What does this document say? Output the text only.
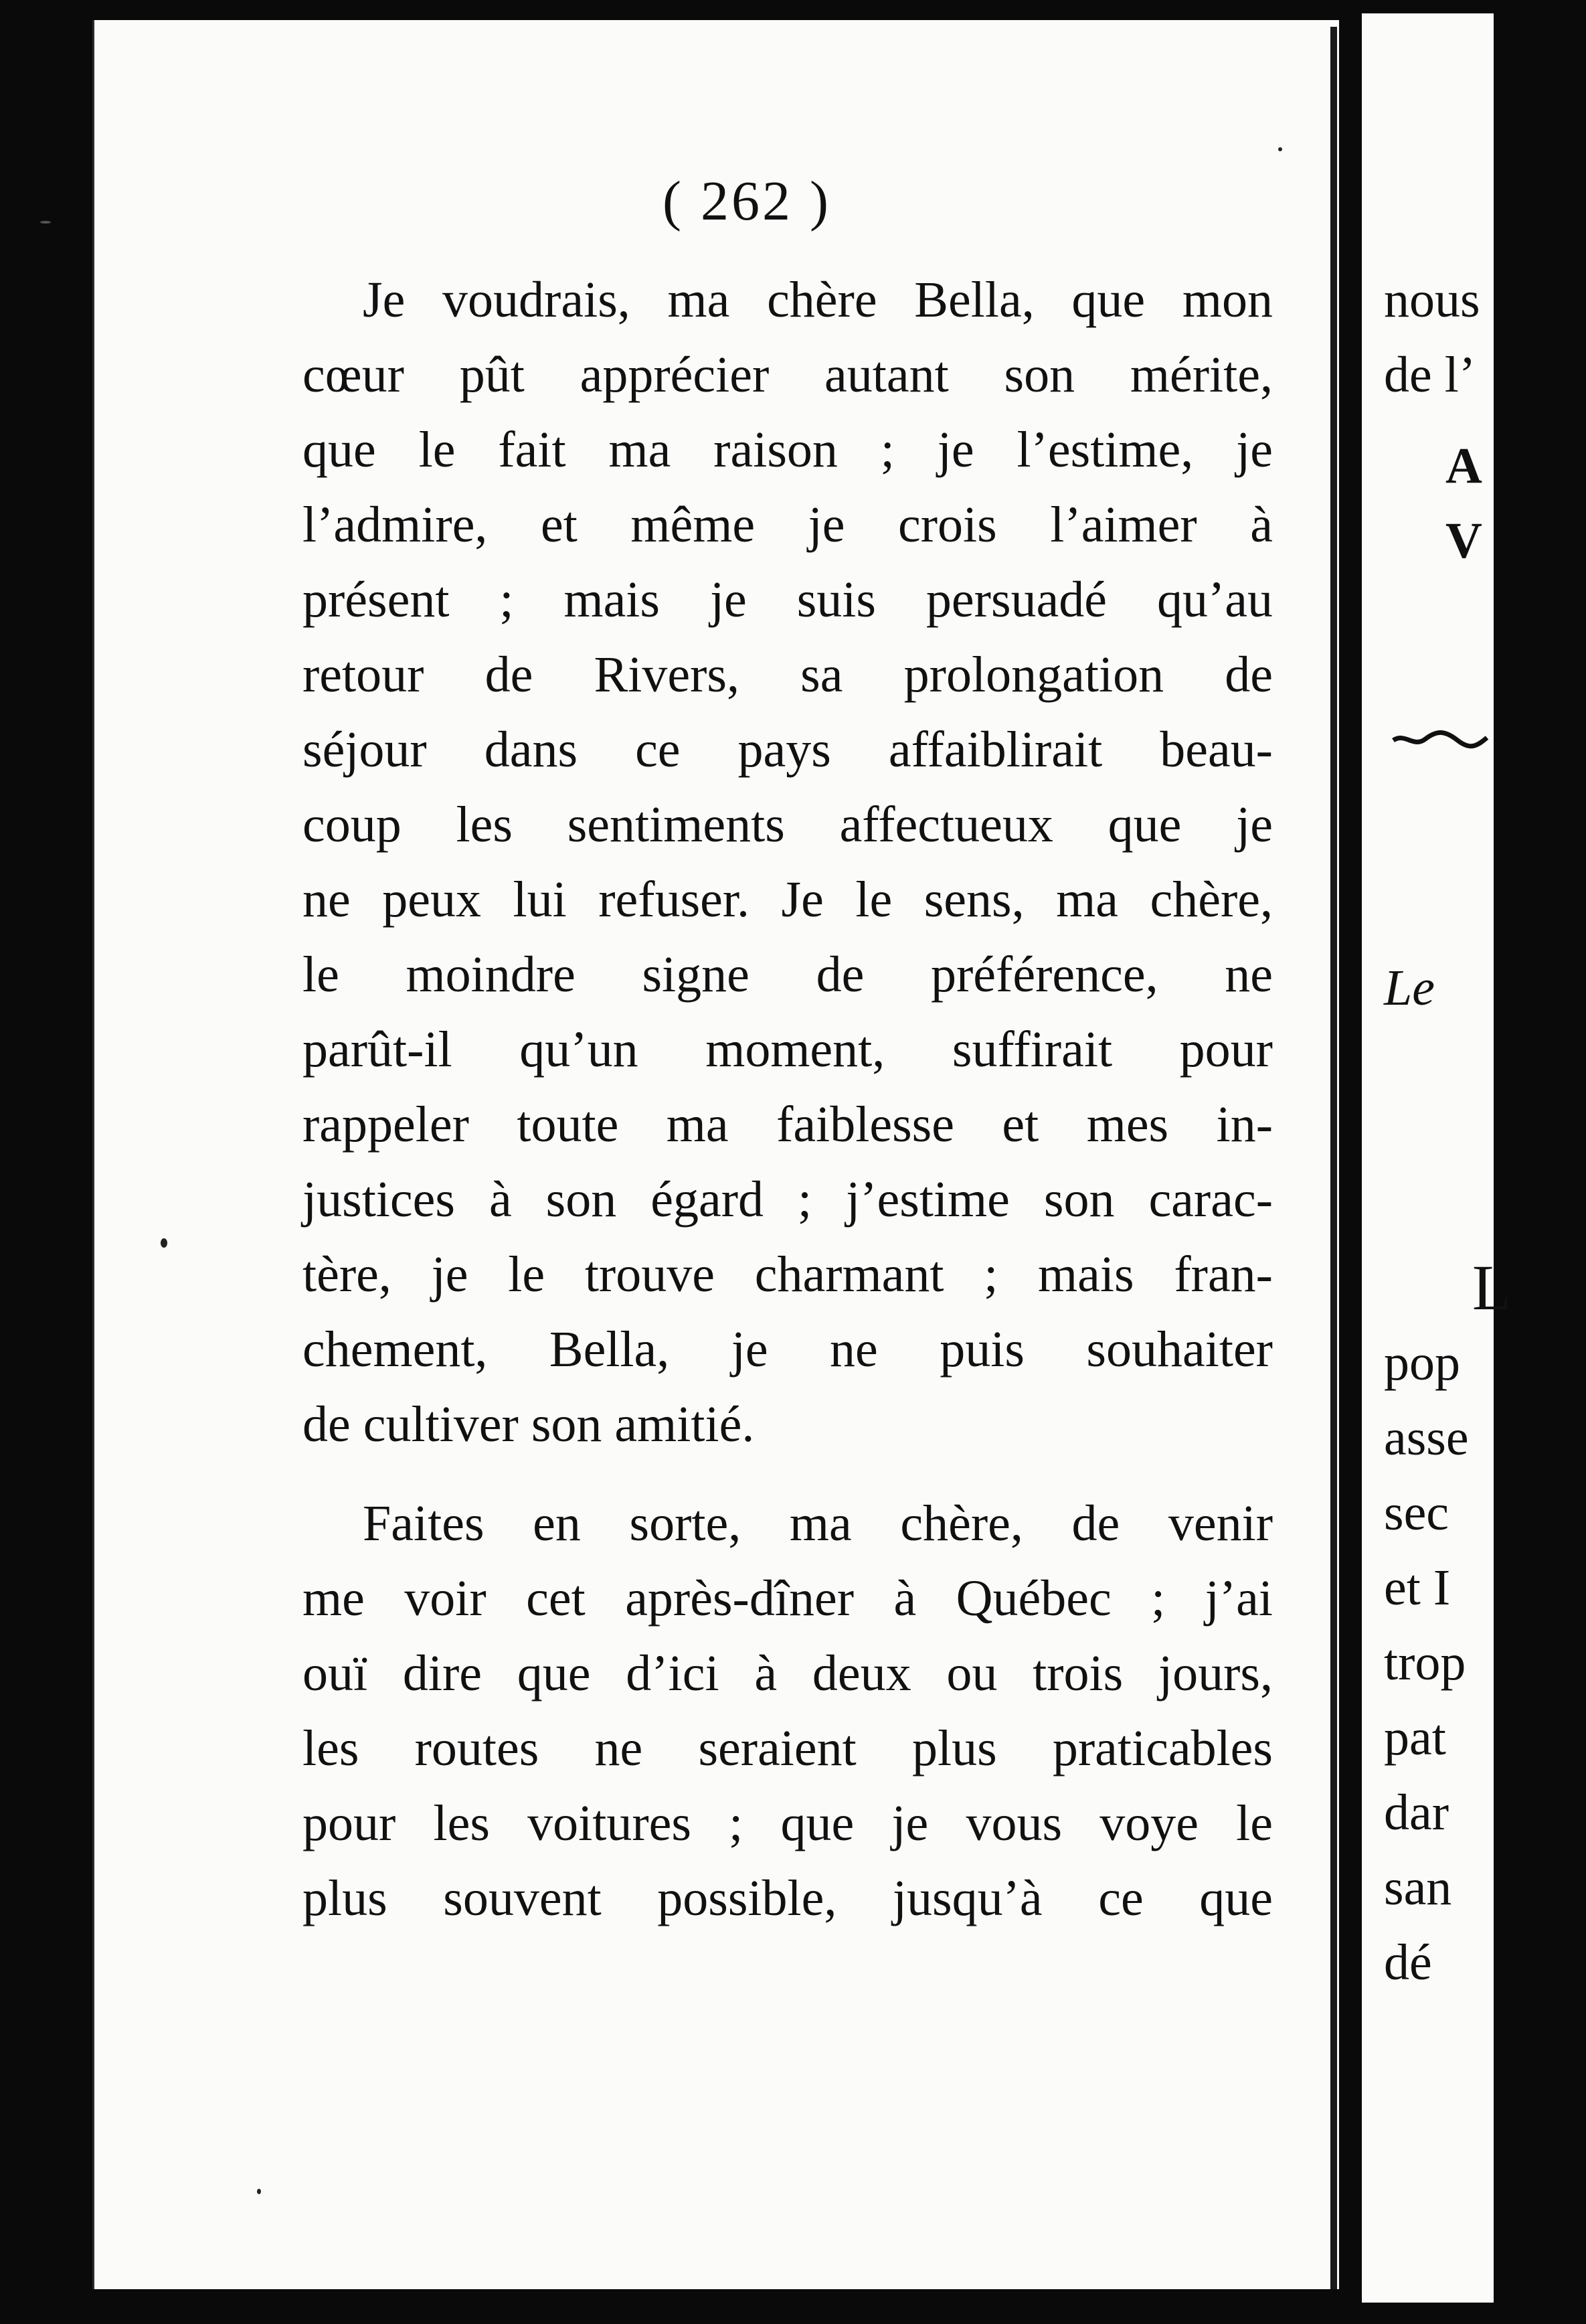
( 262 )
Je voudrais, ma chère Bella, que mon
cœur pût apprécier autant son mérite,
que le fait ma raison ; je l’estime, je
l’admire, et même je crois l’aimer à
présent ; mais je suis persuadé qu’au
retour de Rivers, sa prolongation de
séjour dans ce pays affaiblirait beau-
coup les sentiments affectueux que je
ne peux lui refuser. Je le sens, ma chère,
le moindre signe de préférence, ne
parût-il qu’un moment, suffirait pour
rappeler toute ma faiblesse et mes in-
justices à son égard ; j’estime son carac-
tère, je le trouve charmant ; mais fran-
chement, Bella, je ne puis souhaiter
de cultiver son amitié.
Faites en sorte, ma chère, de venir
me voir cet après-dîner à Québec ; j’ai
ouï dire que d’ici à deux ou trois jours,
les routes ne seraient plus praticables
pour les voitures ; que je vous voye le
plus souvent possible, jusqu’à ce que
nous
de l’
A
V
Le
L
pop
asse
sec
et I
trop
pat
dar
san
dé
